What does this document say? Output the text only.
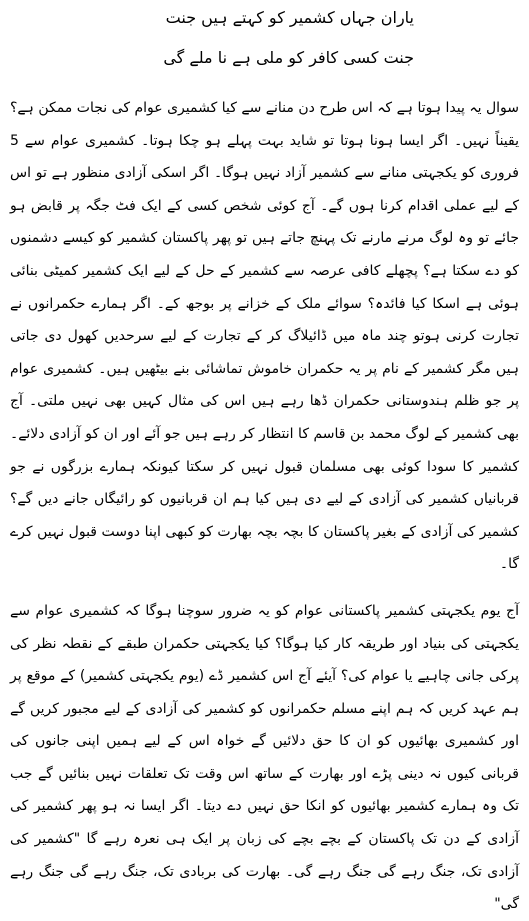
یاران جہاں کشمیر کو کہتے ہیں جنت
جنت کسی کافر کو ملی ہے نا ملے گی

سوال یہ پیدا ہوتا ہے کہ اس طرح دن منانے سے کیا کشمیری عوام کی نجات ممکن ہے؟ یقیناً نہیں۔ اگر ایسا ہونا ہوتا تو شاید بہت پہلے ہو چکا ہوتا۔ کشمیری عوام سے 5 فروری کو یکجہتی منانے سے کشمیر آزاد نہیں ہوگا۔ اگر اسکی آزادی منظور ہے تو اس کے لیے عملی اقدام کرنا ہوں گے۔ آج کوئی شخص کسی کے ایک فٹ جگہ پر قابض ہو جائے تو وہ لوگ مرنے مارنے تک پہنچ جاتے ہیں تو پھر پاکستان کشمیر کو کیسے دشمنوں کو دے سکتا ہے؟ پچھلے کافی عرصہ سے کشمیر کے حل کے لیے ایک کشمیر کمیٹی بنائی ہوئی ہے اسکا کیا فائدہ؟ سوائے ملک کے خزانے پر بوجھ کے۔ اگر ہمارے حکمرانوں نے تجارت کرنی ہوتو چند ماہ میں ڈائیلاگ کر کے تجارت کے لیے سرحدیں کھول دی جاتی ہیں مگر کشمیر کے نام پر یہ حکمران خاموش تماشائی بنے بیٹھیں ہیں۔ کشمیری عوام پر جو ظلم ہندوستانی حکمران ڈھا رہے ہیں اس کی مثال کہیں بھی نہیں ملتی۔ آج بھی کشمیر کے لوگ محمد بن قاسم کا انتظار کر رہے ہیں جو آئے اور ان کو آزادی دلائے۔ کشمیر کا سودا کوئی بھی مسلمان قبول نہیں کر سکتا کیونکہ ہمارے بزرگوں نے جو قربانیاں کشمیر کی آزادی کے لیے دی ہیں کیا ہم ان قربانیوں کو رائیگاں جانے دیں گے؟ کشمیر کی آزادی کے بغیر پاکستان کا بچہ بچہ بھارت کو کبھی اپنا دوست قبول نہیں کرے گا۔

آج یوم یکجہتی کشمیر پاکستانی عوام کو یہ ضرور سوچنا ہوگا کہ کشمیری عوام سے یکجہتی کی بنیاد اور طریقہ کار کیا ہوگا؟ کیا یکجہتی حکمران طبقے کے نقطہ نظر کی پرکی جانی چاہیے یا عوام کی؟ آیئے آج اس کشمیر ڈے (یوم یکجہتی کشمیر) کے موقع پر ہم عہد کریں کہ ہم اپنے مسلم حکمرانوں کو کشمیر کی آزادی کے لیے مجبور کریں گے اور کشمیری بھائیوں کو ان کا حق دلائیں گے خواہ اس کے لیے ہمیں اپنی جانوں کی قربانی کیوں نہ دینی پڑے اور بھارت کے ساتھ اس وقت تک تعلقات نہیں بنائیں گے جب تک وہ ہمارے کشمیر بھائیوں کو انکا حق نہیں دے دیتا۔ اگر ایسا نہ ہو پھر کشمیر کی آزادی کے دن تک پاکستان کے بچے بچے کی زبان پر ایک ہی نعرہ رہے گا "کشمیر کی آزادی تک، جنگ رہے گی جنگ رہے گی۔ بھارت کی بربادی تک، جنگ رہے گی جنگ رہے گی"
